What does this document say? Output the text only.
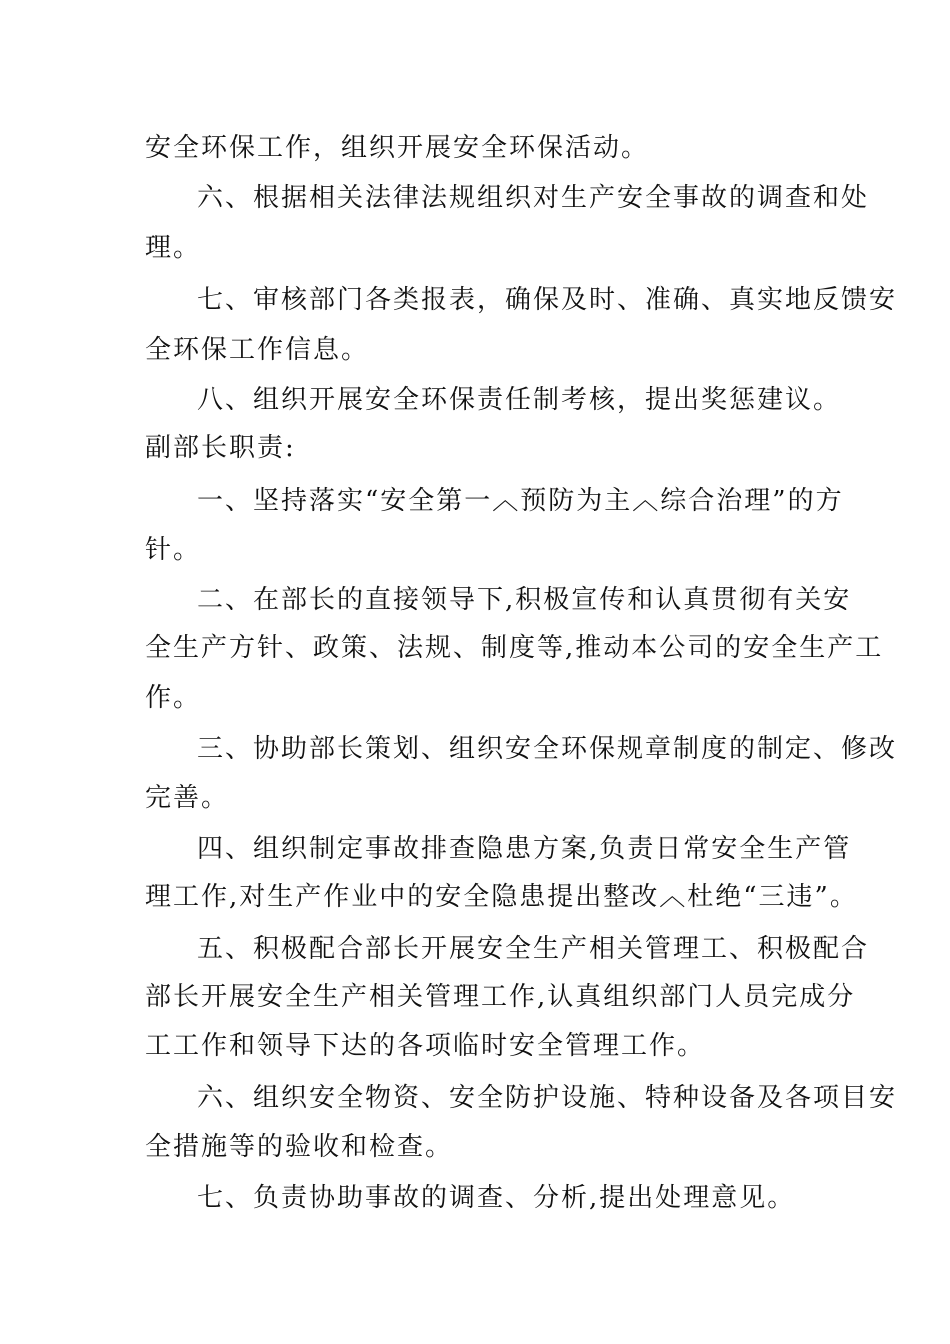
安全环保工作，组织开展安全环保活动。
六、根据相关法律法规组织对生产安全事故的调查和处
理。
七、审核部门各类报表，确保及时、准确、真实地反馈安
全环保工作信息。
八、组织开展安全环保责任制考核，提出奖惩建议。
副部长职责:
一、坚持落实“安全第一︿预防为主︿综合治理”的方
针。
二、在部长的直接领导下,积极宣传和认真贯彻有关安
全生产方针、政策、法规、制度等,推动本公司的安全生产工
作。
三、协助部长策划、组织安全环保规章制度的制定、修改
完善。
四、组织制定事故排查隐患方案,负责日常安全生产管
理工作,对生产作业中的安全隐患提出整改︿杜绝“三违”。
五、积极配合部长开展安全生产相关管理工、积极配合
部长开展安全生产相关管理工作,认真组织部门人员完成分
工工作和领导下达的各项临时安全管理工作。
六、组织安全物资、安全防护设施、特种设备及各项目安
全措施等的验收和检查。
七、负责协助事故的调查、分析,提出处理意见。
